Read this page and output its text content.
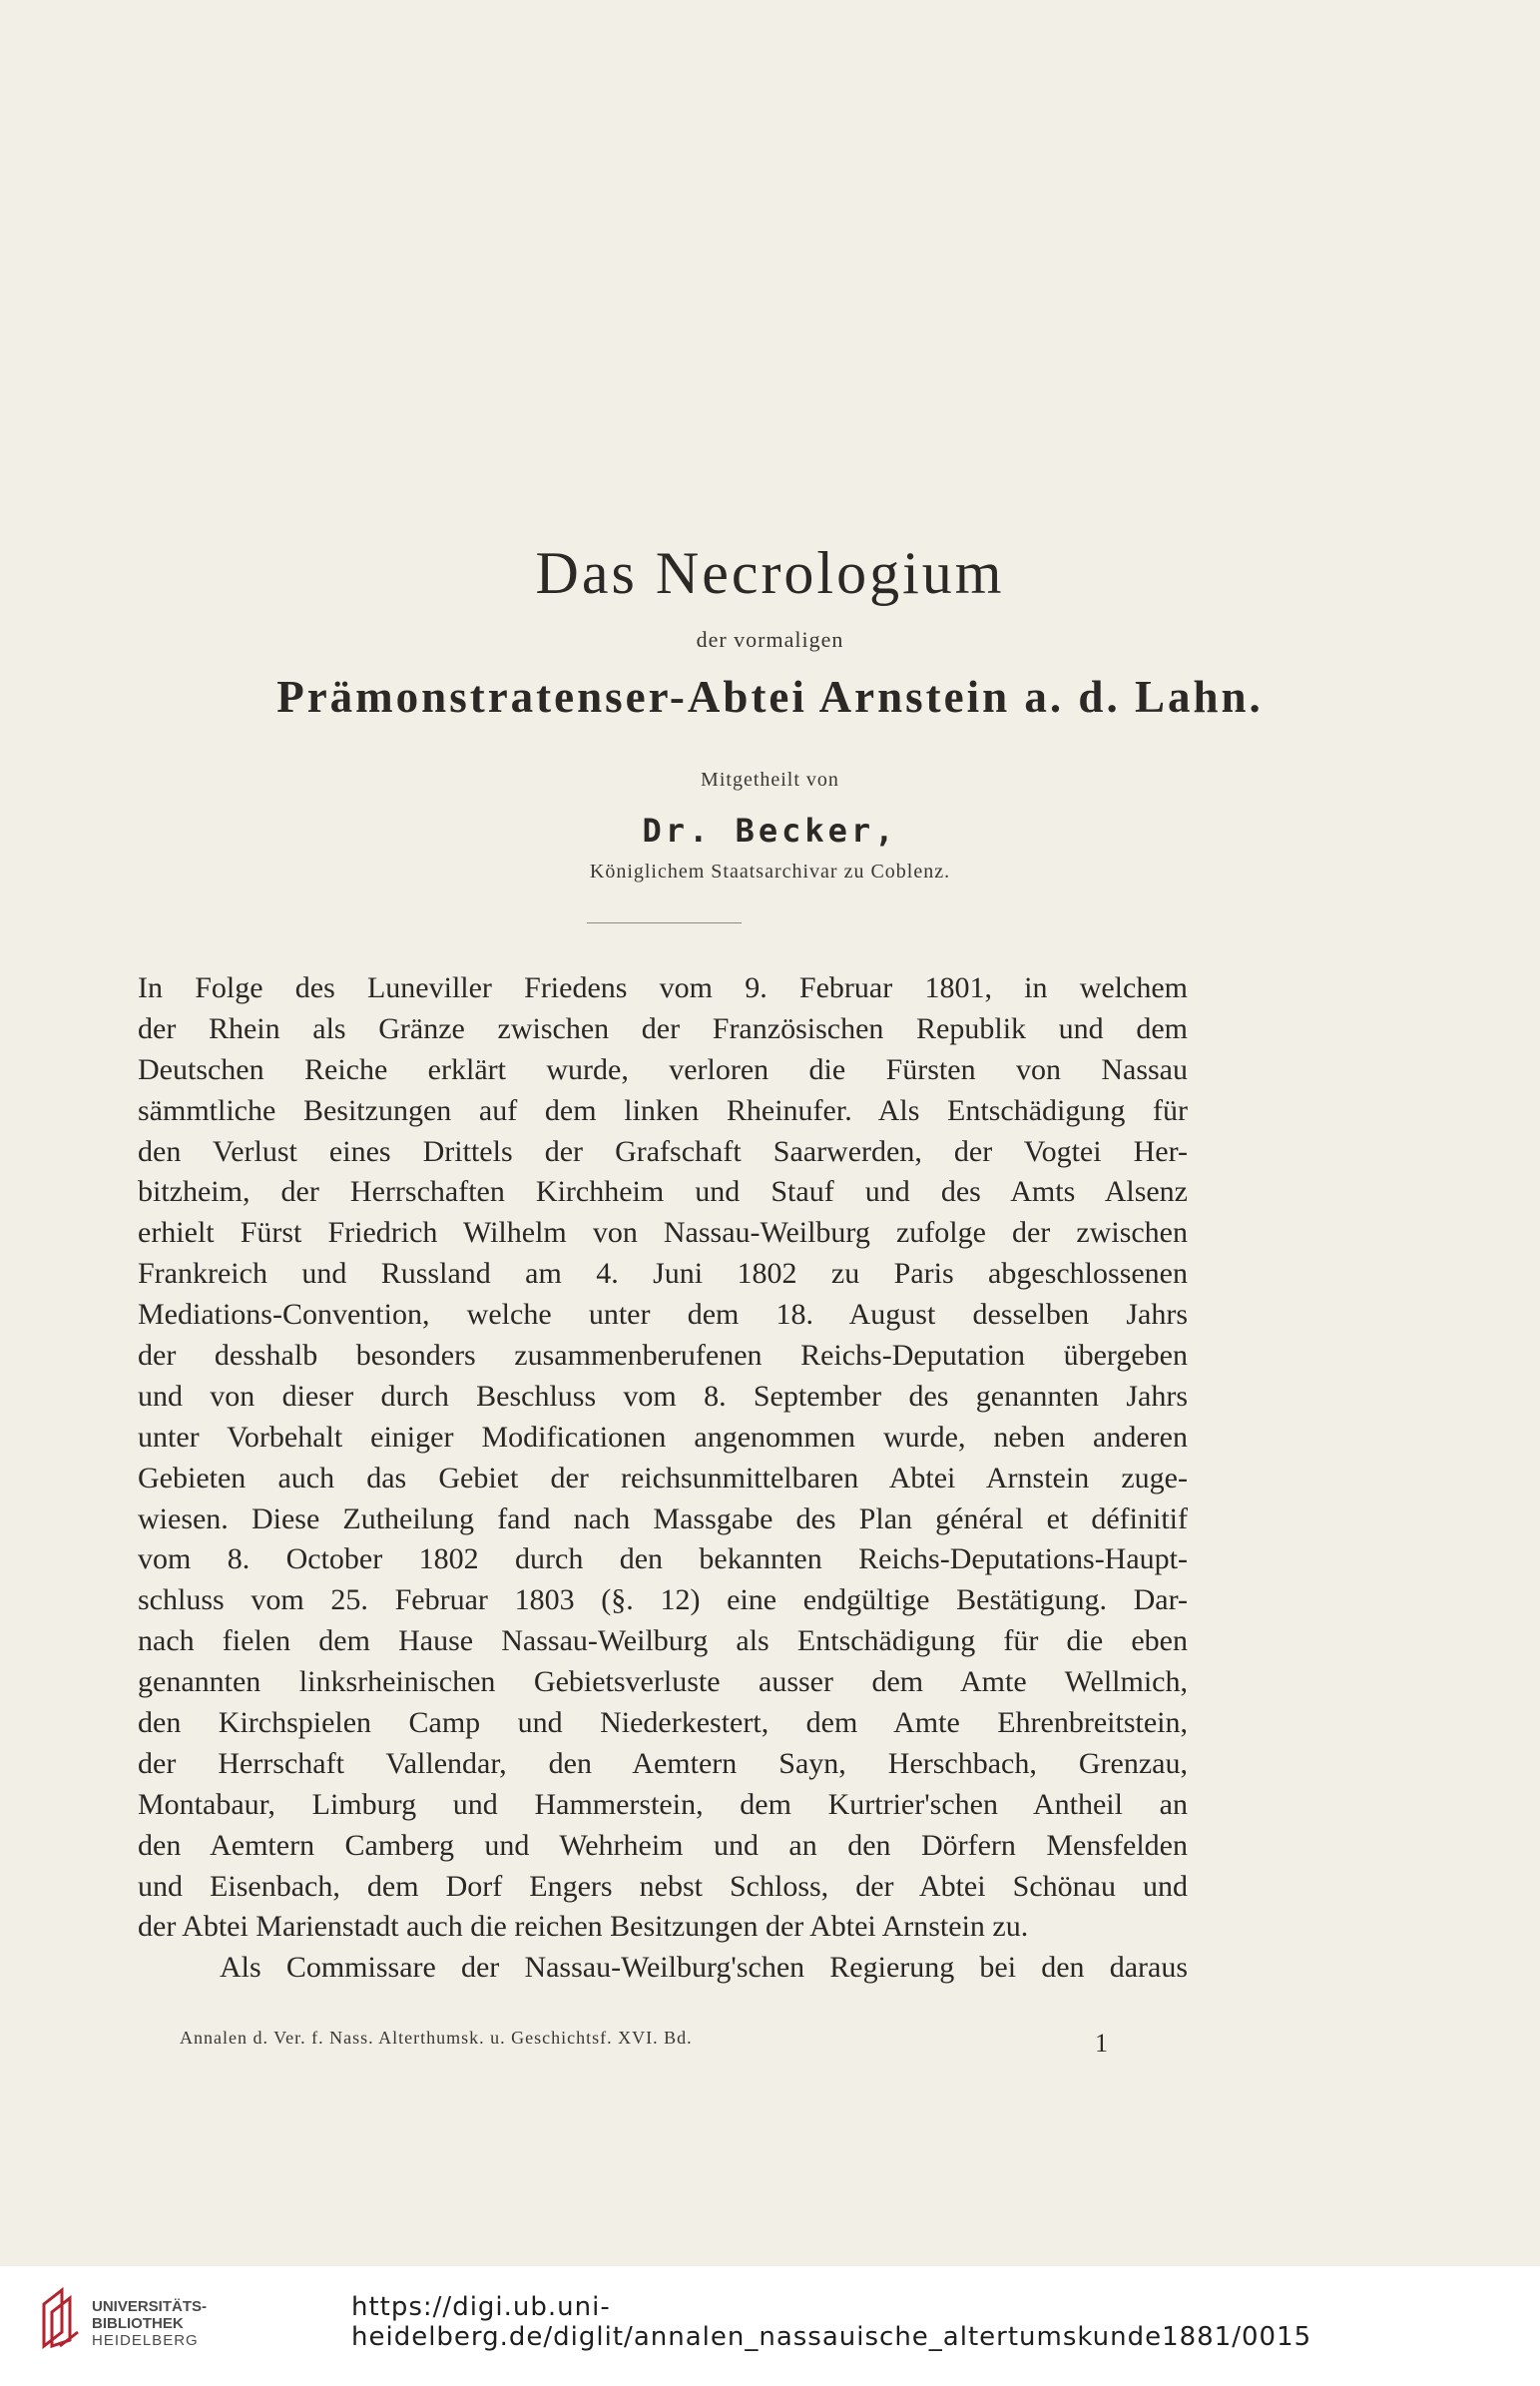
Das Necrologium
der vormaligen
Prämonstratenser-Abtei Arnstein a. d. Lahn.
Mitgetheilt von
Dr. Becker,
Königlichem Staatsarchivar zu Coblenz.
In Folge des Luneviller Friedens vom 9. Februar 1801, in welchem
der Rhein als Gränze zwischen der Französischen Republik und dem
Deutschen Reiche erklärt wurde, verloren die Fürsten von Nassau
sämmtliche Besitzungen auf dem linken Rheinufer. Als Entschädigung für
den Verlust eines Drittels der Grafschaft Saarwerden, der Vogtei Her-
bitzheim, der Herrschaften Kirchheim und Stauf und des Amts Alsenz
erhielt Fürst Friedrich Wilhelm von Nassau-Weilburg zufolge der zwischen
Frankreich und Russland am 4. Juni 1802 zu Paris abgeschlossenen
Mediations-Convention, welche unter dem 18. August desselben Jahrs
der desshalb besonders zusammenberufenen Reichs-Deputation übergeben
und von dieser durch Beschluss vom 8. September des genannten Jahrs
unter Vorbehalt einiger Modificationen angenommen wurde, neben anderen
Gebieten auch das Gebiet der reichsunmittelbaren Abtei Arnstein zuge-
wiesen. Diese Zutheilung fand nach Massgabe des Plan général et définitif
vom 8. October 1802 durch den bekannten Reichs-Deputations-Haupt-
schluss vom 25. Februar 1803 (§. 12) eine endgültige Bestätigung. Dar-
nach fielen dem Hause Nassau-Weilburg als Entschädigung für die eben
genannten linksrheinischen Gebietsverluste ausser dem Amte Wellmich,
den Kirchspielen Camp und Niederkestert, dem Amte Ehrenbreitstein,
der Herrschaft Vallendar, den Aemtern Sayn, Herschbach, Grenzau,
Montabaur, Limburg und Hammerstein, dem Kurtrier'schen Antheil an
den Aemtern Camberg und Wehrheim und an den Dörfern Mensfelden
und Eisenbach, dem Dorf Engers nebst Schloss, der Abtei Schönau und
der Abtei Marienstadt auch die reichen Besitzungen der Abtei Arnstein zu.
Als Commissare der Nassau-Weilburg'schen Regierung bei den daraus
Annalen d. Ver. f. Nass. Alterthumsk. u. Geschichtsf. XVI. Bd.	1
UNIVERSITÄTS-
BIBLIOTHEK
HEIDELBERG
https://digi.ub.uni-heidelberg.de/diglit/annalen_nassauische_altertumskunde1881/0015
